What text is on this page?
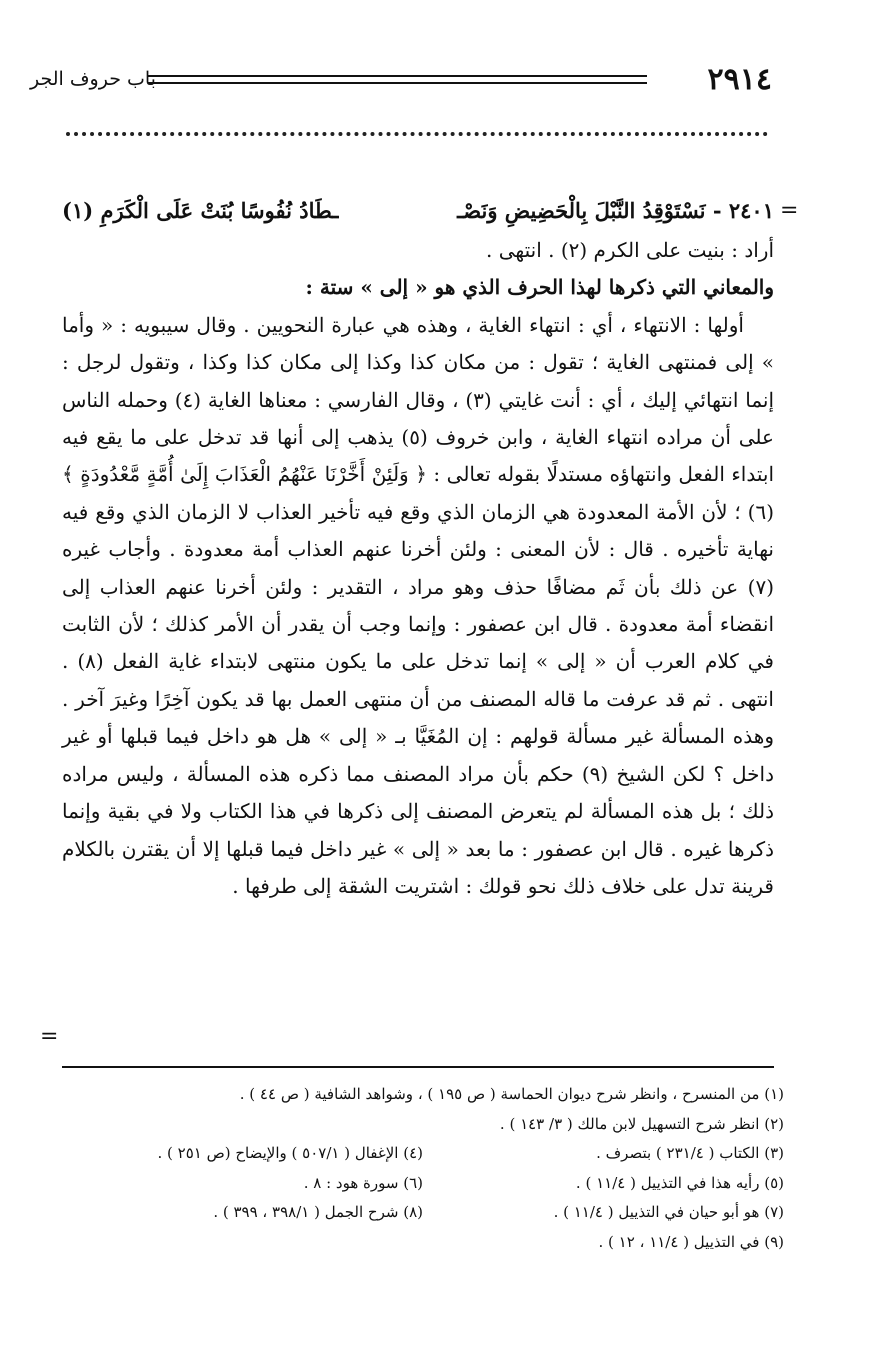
٢٩١٤
باب حروف الجر
=
=
٢٤٠١ - نَسْتَوْقِدُ النَّبْلَ بِالْحَضِيضِ وَنَصْـ
ـطَادُ نُفُوسًا بُنَتْ عَلَى الْكَرَمِ (١)

أراد : بنيت على الكرم (٢) . انتهى .

والمعاني التي ذكرها لهذا الحرف الذي هو « إلى » ستة :

أولها : الانتهاء ، أي : انتهاء الغاية ، وهذه هي عبارة النحويين . وقال سيبويه : « وأما » إلى فمنتهى الغاية ؛ تقول : من مكان كذا وكذا إلى مكان كذا وكذا ، وتقول لرجل : إنما انتهائي إليك ، أي : أنت غايتي (٣) ، وقال الفارسي : معناها الغاية (٤) وحمله الناس على أن مراده انتهاء الغاية ، وابن خروف (٥) يذهب إلى أنها قد تدخل على ما يقع فيه ابتداء الفعل وانتهاؤه مستدلًا بقوله تعالى : ﴿ وَلَئِنْ أَخَّرْنَا عَنْهُمُ الْعَذَابَ إِلَىٰ أُمَّةٍ مَّعْدُودَةٍ ﴾ (٦) ؛ لأن الأمة المعدودة هي الزمان الذي وقع فيه تأخير العذاب لا الزمان الذي وقع فيه نهاية تأخيره . قال : لأن المعنى : ولئن أخرنا عنهم العذاب أمة معدودة . وأجاب غيره (٧) عن ذلك بأن ثَم مضافًا حذف وهو مراد ، التقدير : ولئن أخرنا عنهم العذاب إلى انقضاء أمة معدودة . قال ابن عصفور : وإنما وجب أن يقدر أن الأمر كذلك ؛ لأن الثابت في كلام العرب أن « إلى » إنما تدخل على ما يكون منتهى لابتداء غاية الفعل (٨) . انتهى . ثم قد عرفت ما قاله المصنف من أن منتهى العمل بها قد يكون آخِرًا وغيرَ آخر . وهذه المسألة غير مسألة قولهم : إن المُغَيَّا بـ « إلى » هل هو داخل فيما قبلها أو غير داخل ؟ لكن الشيخ (٩) حكم بأن مراد المصنف مما ذكره هذه المسألة ، وليس مراده ذلك ؛ بل هذه المسألة لم يتعرض المصنف إلى ذكرها في هذا الكتاب ولا في بقية وإنما ذكرها غيره . قال ابن عصفور : ما بعد « إلى » غير داخل فيما قبلها إلا أن يقترن بالكلام قرينة تدل على خلاف ذلك نحو قولك : اشتريت الشقة إلى طرفها .

(١) من المنسرح ، وانظر شرح ديوان الحماسة ( ص ١٩٥ ) ، وشواهد الشافية ( ص ٤٤ ) .
(٢) انظر شرح التسهيل لابن مالك ( ٣/ ١٤٣ ) .
(٣) الكتاب ( ٢٣١/٤ ) بتصرف .
(٤) الإغفال ( ٥٠٧/١ ) والإيضاح (ص ٢٥١ ) .
(٥) رأيه هذا في التذييل ( ١١/٤ ) .
(٦) سورة هود : ٨ .
(٧) هو أبو حيان في التذييل ( ١١/٤ ) .
(٨) شرح الجمل ( ٣٩٨/١ ، ٣٩٩ ) .
(٩) في التذييل ( ١١/٤ ، ١٢ ) .
